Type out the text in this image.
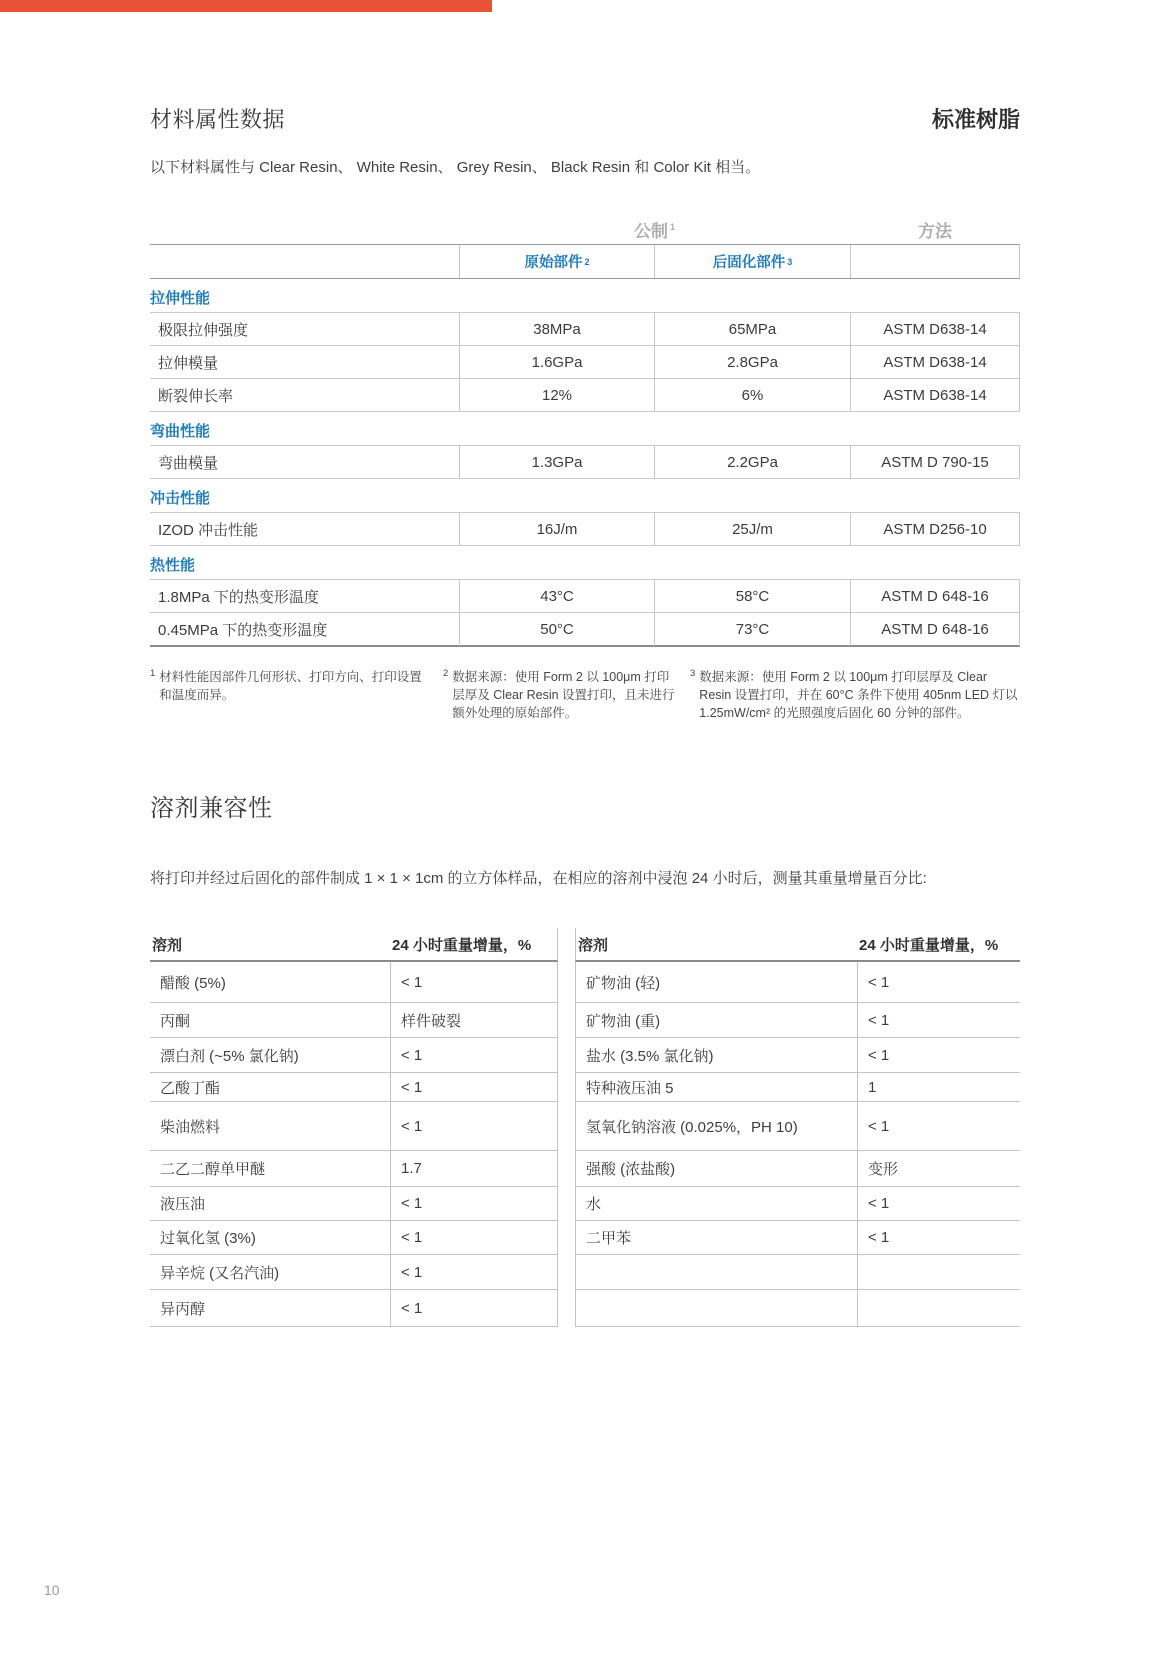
材料属性数据	标准树脂
以下材料属性与 Clear Resin、 White Resin、 Grey Resin、 Black Resin 和 Color Kit 相当。
公制 $^1$	方法
原始部件 2	后固化部件 3
拉伸性能
极限拉伸强度	38MPa	65MPa	ASTM D638-14
拉伸模量	1.6GPa	2.8GPa	ASTM D638-14
断裂伸长率	12%	6%	ASTM D638-14
弯曲性能
弯曲模量	1.3GPa	2.2GPa	ASTM D 790-15
冲击性能
IZOD 冲击性能	16J/m	25J/m	ASTM D256-10
热性能
1.8MPa 下的热变形温度	43°C	58°C	ASTM D 648-16
0.45MPa 下的热变形温度	50°C	73°C	ASTM D 648-16
1 材料性能因部件几何形状、打印方向、打印设置和温度而异。
2 数据来源：使用 Form 2 以 100μm 打印层厚及 Clear Resin 设置打印，且未进行额外处理的原始部件。
3 数据来源：使用 Form 2 以 100μm 打印层厚及 Clear Resin 设置打印，并在 60°C 条件下使用 405nm LED 灯以 1.25mW/cm² 的光照强度后固化 60 分钟的部件。
溶剂兼容性
将打印并经过后固化的部件制成 1 × 1 × 1cm 的立方体样品，在相应的溶剂中浸泡 24 小时后，测量其重量增量百分比:
溶剂	24 小时重量增量，%
醋酸 (5%)	< 1
丙酮	样件破裂
漂白剂 (~5% 氯化钠)	< 1
乙酸丁酯	< 1
柴油燃料	< 1
二乙二醇单甲醚	1.7
液压油	< 1
过氧化氢 (3%)	< 1
异辛烷 (又名汽油)	< 1
异丙醇	< 1
溶剂	24 小时重量增量，%
矿物油 (轻)	< 1
矿物油 (重)	< 1
盐水 (3.5% 氯化钠)	< 1
特种液压油 5	1
氢氧化钠溶液 (0.025%，PH 10)	< 1
强酸 (浓盐酸)	变形
水	< 1
二甲苯	< 1
10
